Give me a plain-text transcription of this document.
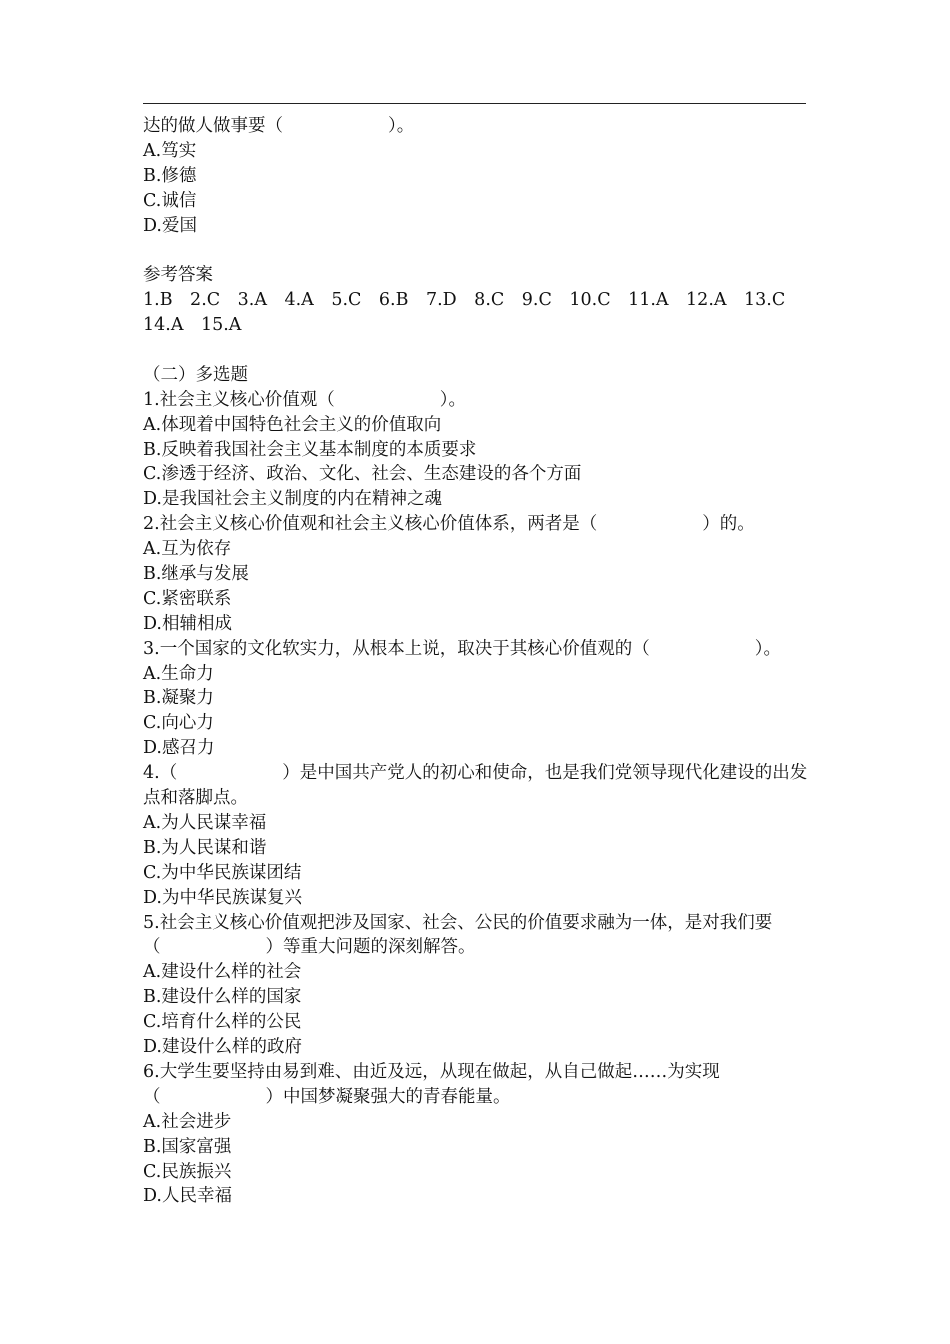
达的做人做事要（　　　　　　）。
A.笃实
B.修德
C.诚信
D.爱国
参考答案
1.B　2.C　3.A　4.A　5.C　6.B　7.D　8.C　9.C　10.C　11.A　12.A　13.C
14.A　15.A
（二）多选题
1.社会主义核心价值观（　　　　　　）。
A.体现着中国特色社会主义的价值取向
B.反映着我国社会主义基本制度的本质要求
C.渗透于经济、政治、文化、社会、生态建设的各个方面
D.是我国社会主义制度的内在精神之魂
2.社会主义核心价值观和社会主义核心价值体系，两者是（　　　　　　）的。
A.互为依存
B.继承与发展
C.紧密联系
D.相辅相成
3.一个国家的文化软实力，从根本上说，取决于其核心价值观的（　　　　　　）。
A.生命力
B.凝聚力
C.向心力
D.感召力
4.（　　　　　　）是中国共产党人的初心和使命，也是我们党领导现代化建设的出发点和落脚点。
A.为人民谋幸福
B.为人民谋和谐
C.为中华民族谋团结
D.为中华民族谋复兴
5.社会主义核心价值观把涉及国家、社会、公民的价值要求融为一体，是对我们要（　　　　　　）等重大问题的深刻解答。
A.建设什么样的社会
B.建设什么样的国家
C.培育什么样的公民
D.建设什么样的政府
6.大学生要坚持由易到难、由近及远，从现在做起，从自己做起……为实现（　　　　　　）中国梦凝聚强大的青春能量。
A.社会进步
B.国家富强
C.民族振兴
D.人民幸福
